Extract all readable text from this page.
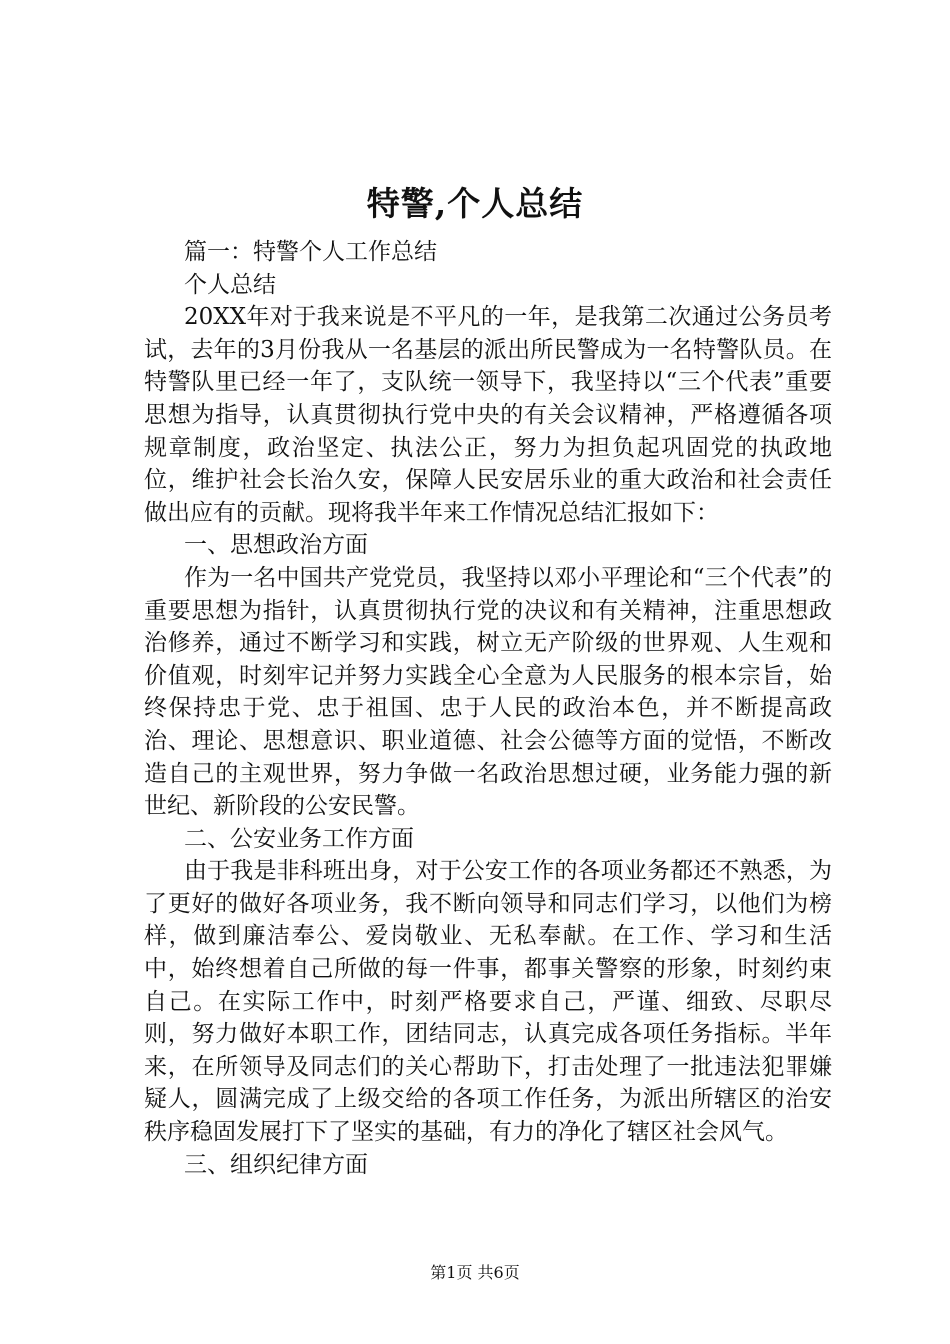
特警,个人总结

篇一：特警个人工作总结

个人总结

20XX年对于我来说是不平凡的一年，是我第二次通过公务员考试，去年的3月份我从一名基层的派出所民警成为一名特警队员。在特警队里已经一年了，支队统一领导下，我坚持以“三个代表”重要思想为指导，认真贯彻执行党中央的有关会议精神，严格遵循各项规章制度，政治坚定、执法公正，努力为担负起巩固党的执政地位，维护社会长治久安，保障人民安居乐业的重大政治和社会责任做出应有的贡献。现将我半年来工作情况总结汇报如下：

一、思想政治方面

作为一名中国共产党党员，我坚持以邓小平理论和“三个代表”的重要思想为指针，认真贯彻执行党的决议和有关精神，注重思想政治修养，通过不断学习和实践，树立无产阶级的世界观、人生观和价值观，时刻牢记并努力实践全心全意为人民服务的根本宗旨，始终保持忠于党、忠于祖国、忠于人民的政治本色，并不断提高政治、理论、思想意识、职业道德、社会公德等方面的觉悟，不断改造自己的主观世界，努力争做一名政治思想过硬，业务能力强的新世纪、新阶段的公安民警。

二、公安业务工作方面

由于我是非科班出身，对于公安工作的各项业务都还不熟悉，为了更好的做好各项业务，我不断向领导和同志们学习，以他们为榜样，做到廉洁奉公、爱岗敬业、无私奉献。在工作、学习和生活中，始终想着自己所做的每一件事，都事关警察的形象，时刻约束自己。在实际工作中，时刻严格要求自己，严谨、细致、尽职尽则，努力做好本职工作，团结同志，认真完成各项任务指标。半年来，在所领导及同志们的关心帮助下，打击处理了一批违法犯罪嫌疑人，圆满完成了上级交给的各项工作任务，为派出所辖区的治安秩序稳固发展打下了坚实的基础，有力的净化了辖区社会风气。

三、组织纪律方面

第1页 共6页
